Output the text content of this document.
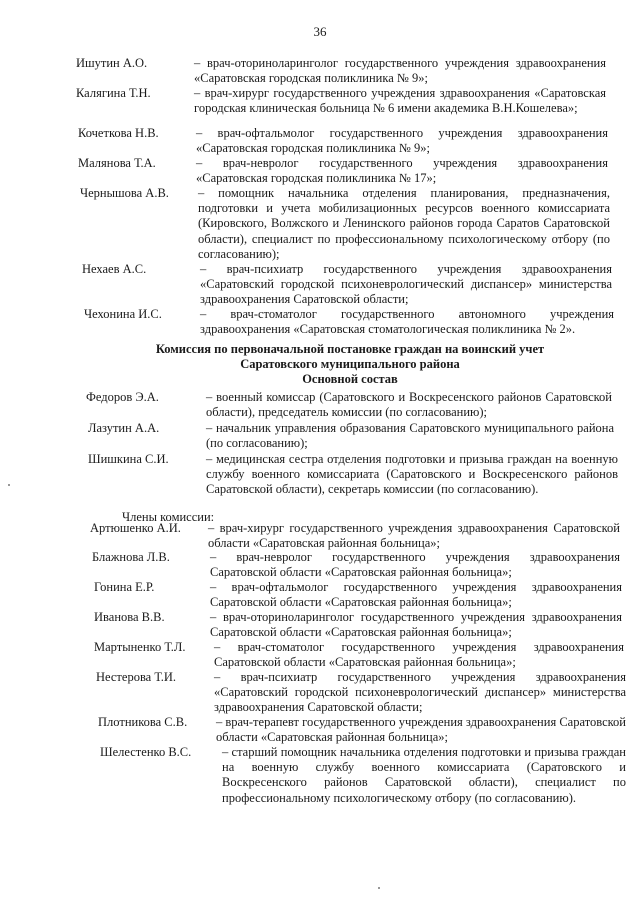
36
Ишутин А.О.	– врач-оториноларинголог государственного учреждения здравоохранения «Саратовская городская поликлиника № 9»;
Калягина Т.Н.	– врач-хирург государственного учреждения здравоохранения «Саратовская городская клиническая больница № 6 имени академика В.Н.Кошелева»;
Кочеткова Н.В.	– врач-офтальмолог государственного учреждения здравоохранения «Саратовская городская поликлиника № 9»;
Малянова Т.А.	– врач-невролог государственного учреждения здравоохранения «Саратовская городская поликлиника № 17»;
Чернышова А.В. – помощник начальника отделения планирования, предназначения, подготовки и учета мобилизационных ресурсов военного комиссариата (Кировского, Волжского и Ленинского районов города Саратов Саратовской области), специалист по профессиональному психологическому отбору (по согласованию);
Нехаев А.С.	– врач-психиатр государственного учреждения здравоохранения «Саратовский городской психоневрологический диспансер» министерства здравоохранения Саратовской области;
Чехонина И.С.	– врач-стоматолог государственного автономного учреждения здравоохранения «Саратовская стоматологическая поликлиника № 2».
Комиссия по первоначальной постановке граждан на воинский учет
Саратовского муниципального района
Основной состав
Федоров Э.А.	– военный комиссар (Саратовского и Воскресенского районов Саратовской области), председатель комиссии (по согласованию);
Лазутин А.А.	– начальник управления образования Саратовского муниципального района (по согласованию);
Шишкина С.И.	– медицинская сестра отделения подготовки и призыва граждан на военную службу военного комиссариата (Саратовского и Воскресенского районов Саратовской области), секретарь комиссии (по согласованию).
Члены комиссии:
Артюшенко А.И. – врач-хирург государственного учреждения здравоохранения Саратовской области «Саратовская районная больница»;
Блажнова Л.В.	– врач-невролог государственного учреждения здравоохранения Саратовской области «Саратовская районная больница»;
Гонина Е.Р.	– врач-офтальмолог государственного учреждения здравоохранения Саратовской области «Саратовская районная больница»;
Иванова В.В.	– врач-оториноларинголог государственного учреждения здравоохранения Саратовской области «Саратовская районная больница»;
Мартыненко Т.Л. – врач-стоматолог государственного учреждения здравоохранения Саратовской области «Саратовская районная больница»;
Нестерова Т.И.	– врач-психиатр государственного учреждения здравоохранения «Саратовский городской психоневрологический диспансер» министерства здравоохранения Саратовской области;
Плотникова С.В. – врач-терапевт государственного учреждения здравоохранения Саратовской области «Саратовская районная больница»;
Шелестенко В.С. – старший помощник начальника отделения подготовки и призыва граждан на военную службу военного комиссариата (Саратовского и Воскресенского районов Саратовской области), специалист по профессиональному психологическому отбору (по согласованию).
